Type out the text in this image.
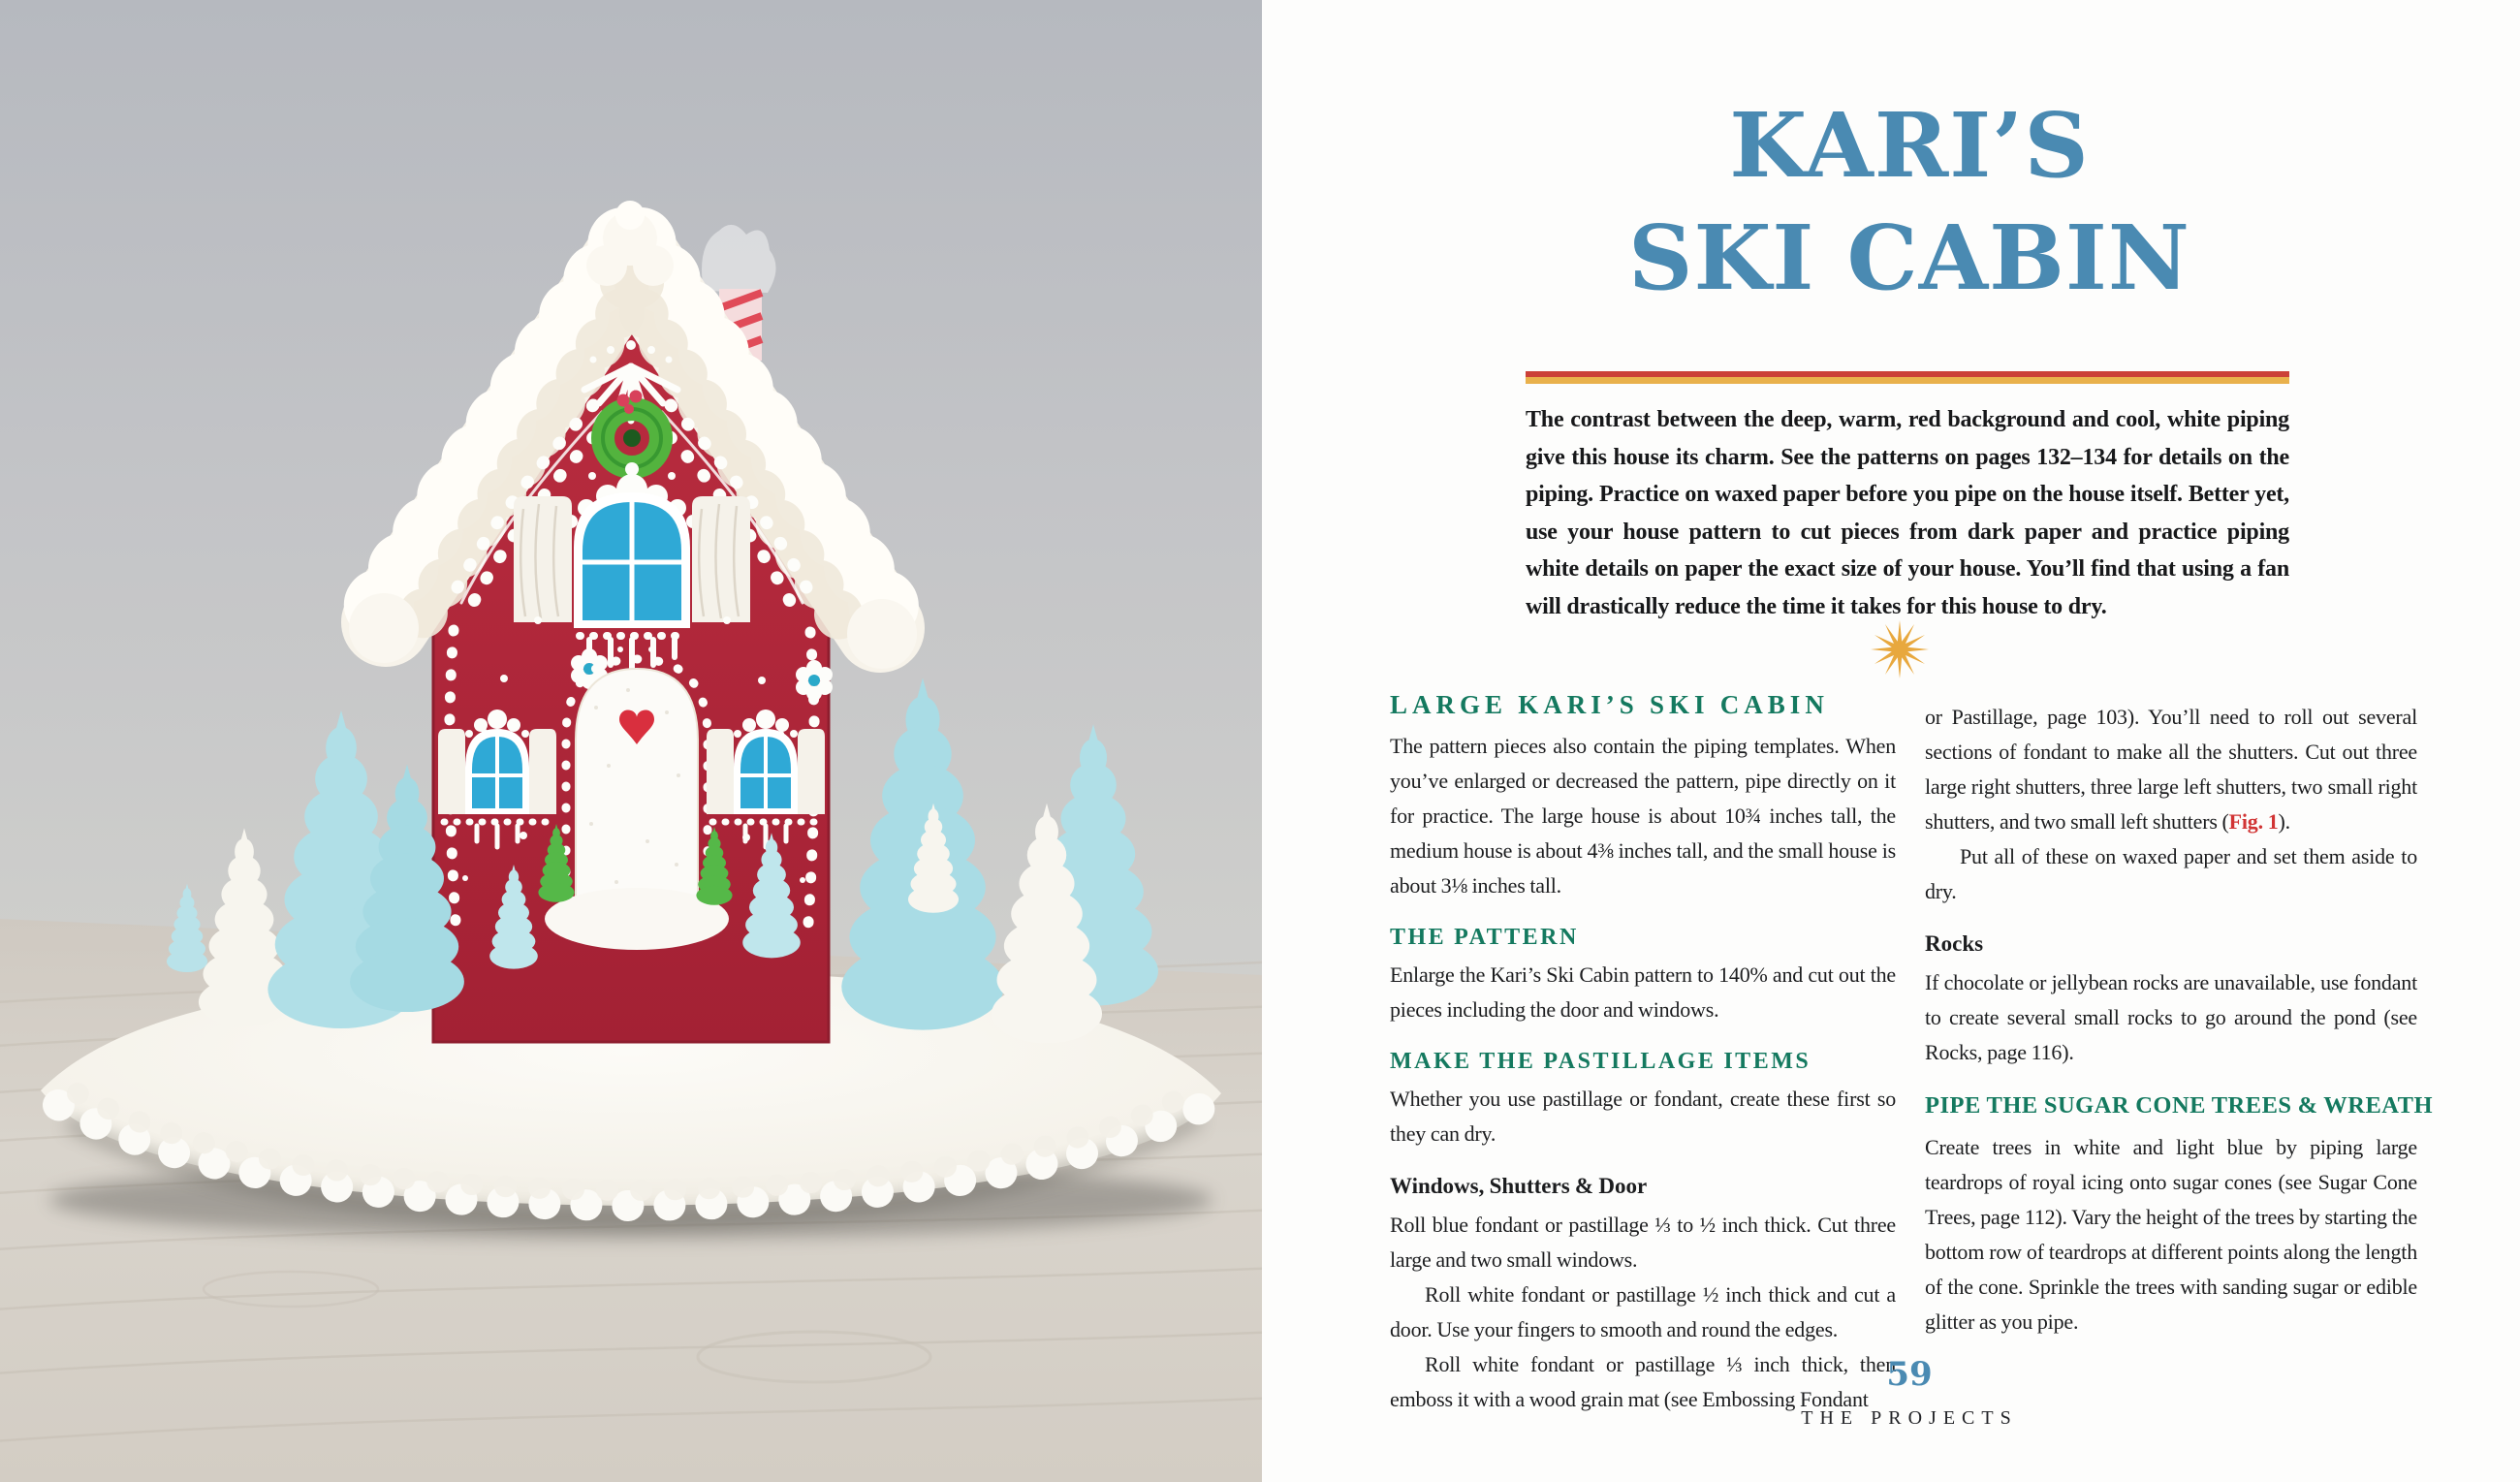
KARI’S
SKI CABIN

The contrast between the deep, warm, red background and cool, white piping give this house its charm. See the patterns on pages 132–134 for details on the piping. Practice on waxed paper before you pipe on the house itself. Better yet, use your house pattern to cut pieces from dark paper and practice piping white details on paper the exact size of your house. You’ll find that using a fan will drastically reduce the time it takes for this house to dry.

LARGE KARI’S SKI CABIN

The pattern pieces also contain the piping templates. When you’ve enlarged or decreased the pattern, pipe directly on it for practice. The large house is about 10¾ inches tall, the medium house is about 4⅜ inches tall, and the small house is about 3⅛ inches tall.

THE PATTERN

Enlarge the Kari’s Ski Cabin pattern to 140% and cut out the pieces including the door and windows.

MAKE THE PASTILLAGE ITEMS

Whether you use pastillage or fondant, create these first so they can dry.

Windows, Shutters & Door

Roll blue fondant or pastillage ⅓ to ½ inch thick. Cut three large and two small windows.

Roll white fondant or pastillage ½ inch thick and cut a door. Use your fingers to smooth and round the edges.

Roll white fondant or pastillage ⅓ inch thick, then emboss it with a wood grain mat (see Embossing Fondant

or Pastillage, page 103). You’ll need to roll out several sections of fondant to make all the shutters. Cut out three large right shutters, three large left shutters, two small right shutters, and two small left shutters (Fig. 1).

Put all of these on waxed paper and set them aside to dry.

Rocks

If chocolate or jellybean rocks are unavailable, use fondant to create several small rocks to go around the pond (see Rocks, page 116).

PIPE THE SUGAR CONE TREES & WREATH

Create trees in white and light blue by piping large teardrops of royal icing onto sugar cones (see Sugar Cone Trees, page 112). Vary the height of the trees by starting the bottom row of teardrops at different points along the length of the cone. Sprinkle the trees with sanding sugar or edible glitter as you pipe.

59
THE PROJECTS
